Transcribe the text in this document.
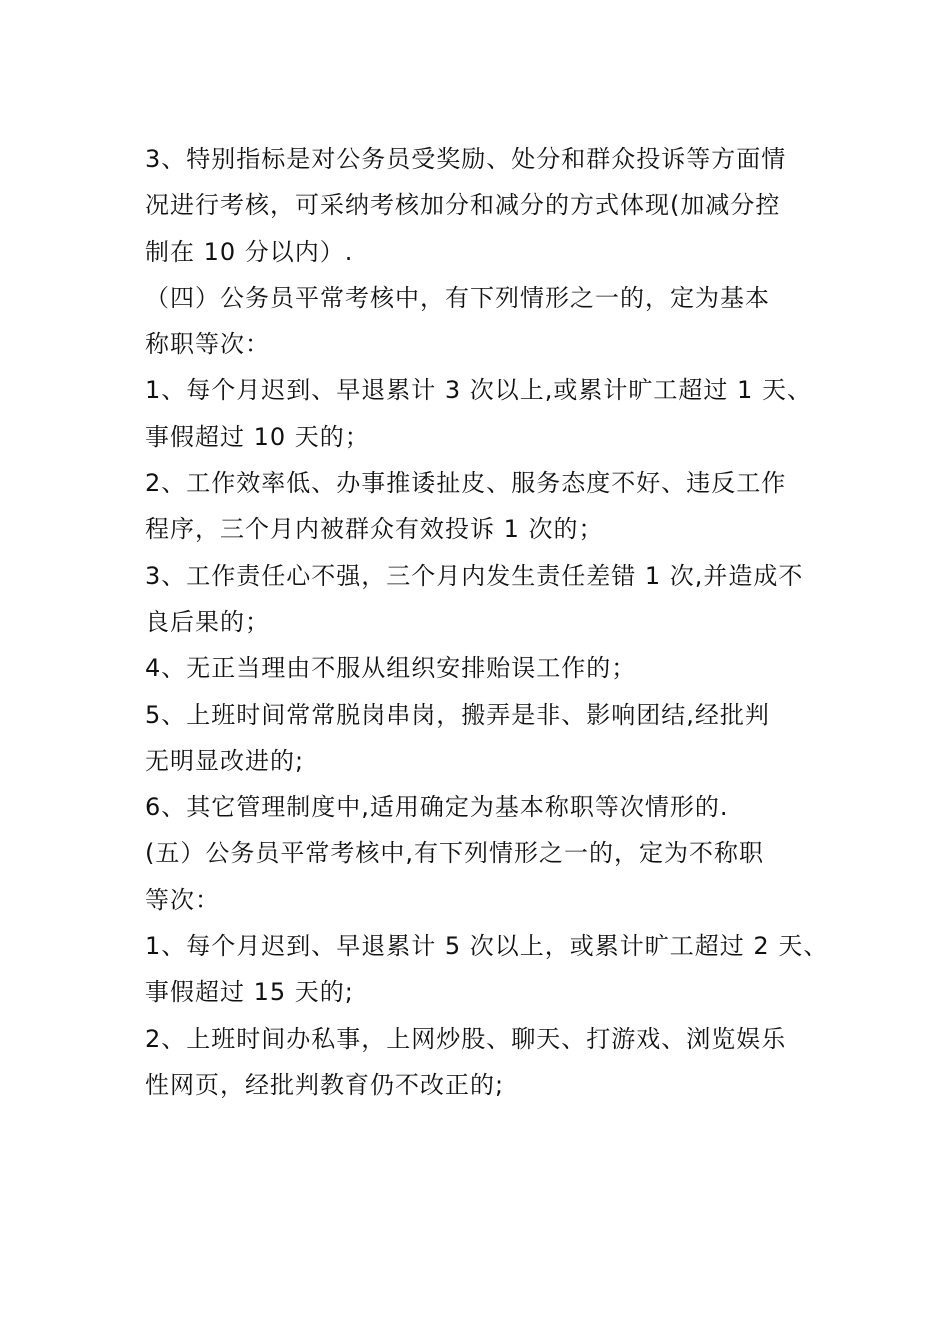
3、特别指标是对公务员受奖励、处分和群众投诉等方面情
况进行考核，可采纳考核加分和减分的方式体现(加减分控
制在 10 分以内）.
（四）公务员平常考核中，有下列情形之一的，定为基本
称职等次：
1、每个月迟到、早退累计 3 次以上,或累计旷工超过 1 天、
事假超过 10 天的；
2、工作效率低、办事推诿扯皮、服务态度不好、违反工作
程序，三个月内被群众有效投诉 1 次的；
3、工作责任心不强，三个月内发生责任差错 1 次,并造成不
良后果的；
4、无正当理由不服从组织安排贻误工作的；
5、上班时间常常脱岗串岗，搬弄是非、影响团结,经批判
无明显改进的;
6、其它管理制度中,适用确定为基本称职等次情形的.
(五）公务员平常考核中,有下列情形之一的，定为不称职
等次：
1、每个月迟到、早退累计 5 次以上，或累计旷工超过 2 天、
事假超过 15 天的;
2、上班时间办私事，上网炒股、聊天、打游戏、浏览娱乐
性网页，经批判教育仍不改正的;
